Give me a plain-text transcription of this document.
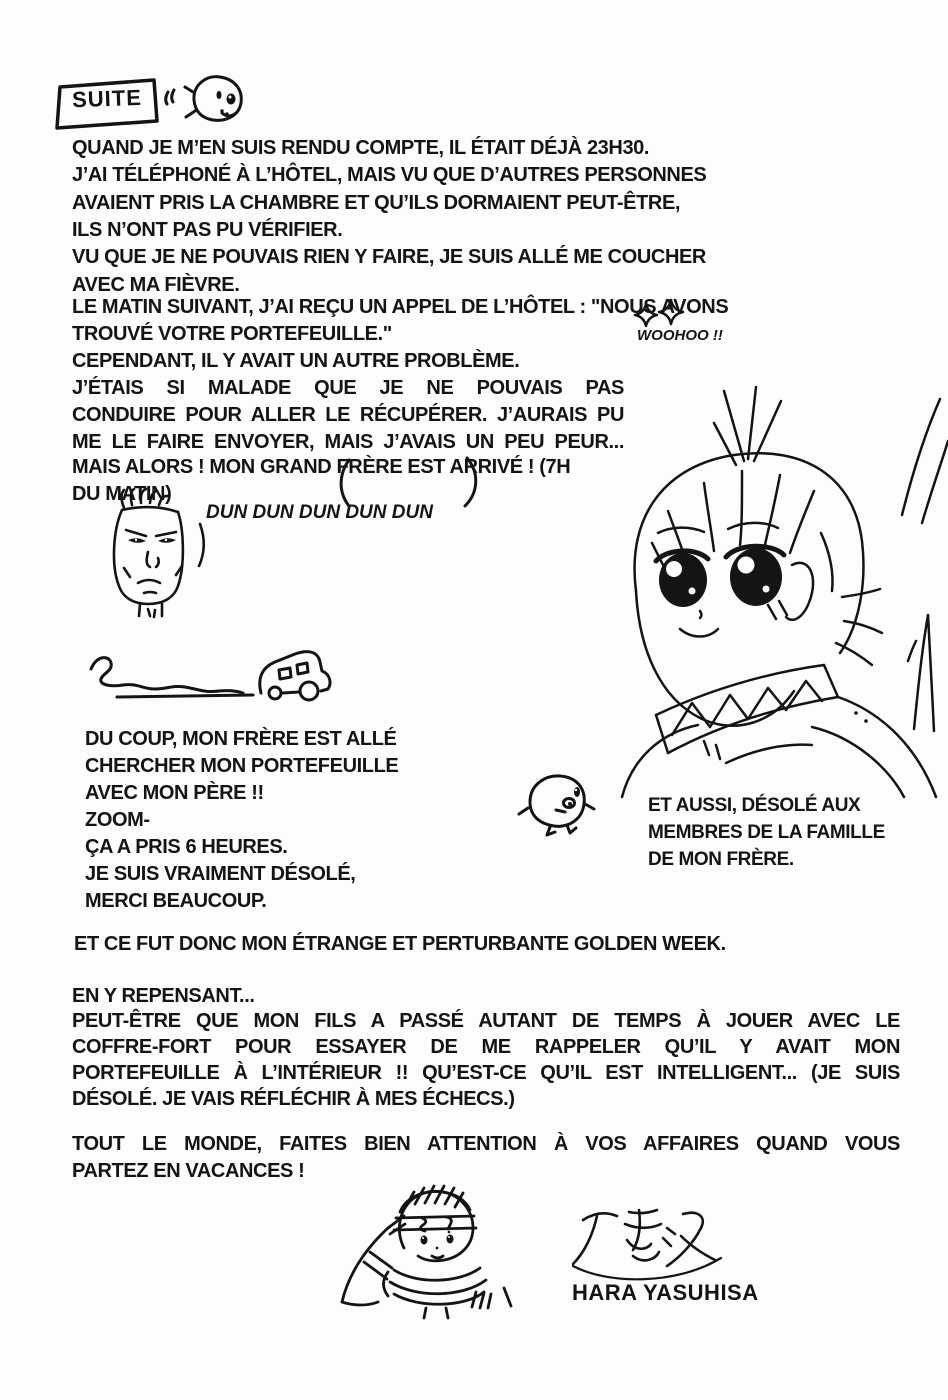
SUITE
QUAND JE M’EN SUIS RENDU COMPTE, IL ÉTAIT DÉJÀ 23H30.
J’AI TÉLÉPHONÉ À L’HÔTEL, MAIS VU QUE D’AUTRES PERSONNES
AVAIENT PRIS LA CHAMBRE ET QU’ILS DORMAIENT PEUT-ÊTRE,
ILS N’ONT PAS PU VÉRIFIER.
VU QUE JE NE POUVAIS RIEN Y FAIRE, JE SUIS ALLÉ ME COUCHER
AVEC MA FIÈVRE.
LE MATIN SUIVANT, J’AI REÇU UN APPEL DE L’HÔTEL : "NOUS AVONS
TROUVÉ VOTRE PORTEFEUILLE."
CEPENDANT, IL Y AVAIT UN AUTRE PROBLÈME.
J’ÉTAIS SI MALADE QUE JE NE POUVAIS PAS
CONDUIRE POUR ALLER LE RÉCUPÉRER. J’AURAIS PU
ME LE FAIRE ENVOYER, MAIS J’AVAIS UN PEU PEUR...
MAIS ALORS ! MON GRAND FRÈRE EST ARRIVÉ ! (7H
DU MATIN)
WOOHOO !!
DUN DUN DUN DUN DUN
DU COUP, MON FRÈRE EST ALLÉ
CHERCHER MON PORTEFEUILLE
AVEC MON PÈRE !!
ZOOM-
ÇA A PRIS 6 HEURES.
JE SUIS VRAIMENT DÉSOLÉ,
MERCI BEAUCOUP.
ET AUSSI, DÉSOLÉ AUX
MEMBRES DE LA FAMILLE
DE MON FRÈRE.
ET CE FUT DONC MON ÉTRANGE ET PERTURBANTE GOLDEN WEEK.
EN Y REPENSANT...
PEUT-ÊTRE QUE MON FILS A PASSÉ AUTANT DE TEMPS À JOUER AVEC LE
COFFRE-FORT POUR ESSAYER DE ME RAPPELER QU’IL Y AVAIT MON
PORTEFEUILLE À L’INTÉRIEUR !! QU’EST-CE QU’IL EST INTELLIGENT... (JE SUIS
DÉSOLÉ. JE VAIS RÉFLÉCHIR À MES ÉCHECS.)
TOUT LE MONDE, FAITES BIEN ATTENTION À VOS AFFAIRES QUAND VOUS
PARTEZ EN VACANCES !
HARA YASUHISA
